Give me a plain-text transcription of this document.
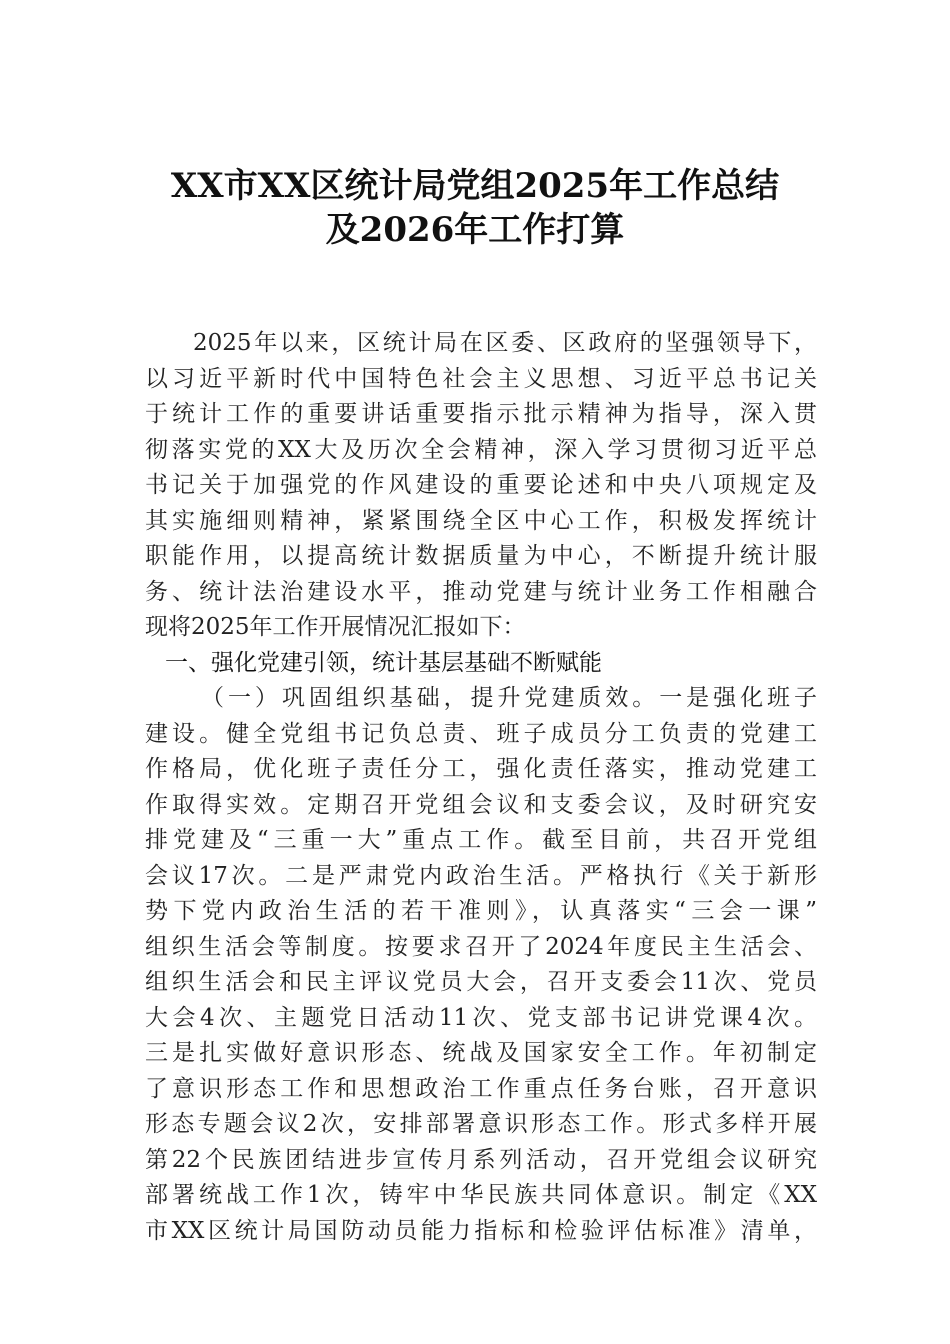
XX市XX区统计局党组2025年工作总结
及2026年工作打算
2025年以来，区统计局在区委、区政府的坚强领导下，
以习近平新时代中国特色社会主义思想、习近平总书记关
于统计工作的重要讲话重要指示批示精神为指导，深入贯
彻落实党的XX大及历次全会精神，深入学习贯彻习近平总
书记关于加强党的作风建设的重要论述和中央八项规定及
其实施细则精神，紧紧围绕全区中心工作，积极发挥统计
职能作用，以提高统计数据质量为中心，不断提升统计服
务、统计法治建设水平，推动党建与统计业务工作相融合
现将2025年工作开展情况汇报如下：
一、强化党建引领，统计基层基础不断赋能
（一）巩固组织基础，提升党建质效。一是强化班子
建设。健全党组书记负总责、班子成员分工负责的党建工
作格局，优化班子责任分工，强化责任落实，推动党建工
作取得实效。定期召开党组会议和支委会议，及时研究安
排党建及“三重一大”重点工作。截至目前，共召开党组
会议17次。二是严肃党内政治生活。严格执行《关于新形
势下党内政治生活的若干准则》，认真落实“三会一课”
组织生活会等制度。按要求召开了2024年度民主生活会、
组织生活会和民主评议党员大会，召开支委会11次、党员
大会4次、主题党日活动11次、党支部书记讲党课4次。
三是扎实做好意识形态、统战及国家安全工作。年初制定
了意识形态工作和思想政治工作重点任务台账，召开意识
形态专题会议2次，安排部署意识形态工作。形式多样开展
第22个民族团结进步宣传月系列活动，召开党组会议研究
部署统战工作1次，铸牢中华民族共同体意识。制定《XX
市XX区统计局国防动员能力指标和检验评估标准》清单，
